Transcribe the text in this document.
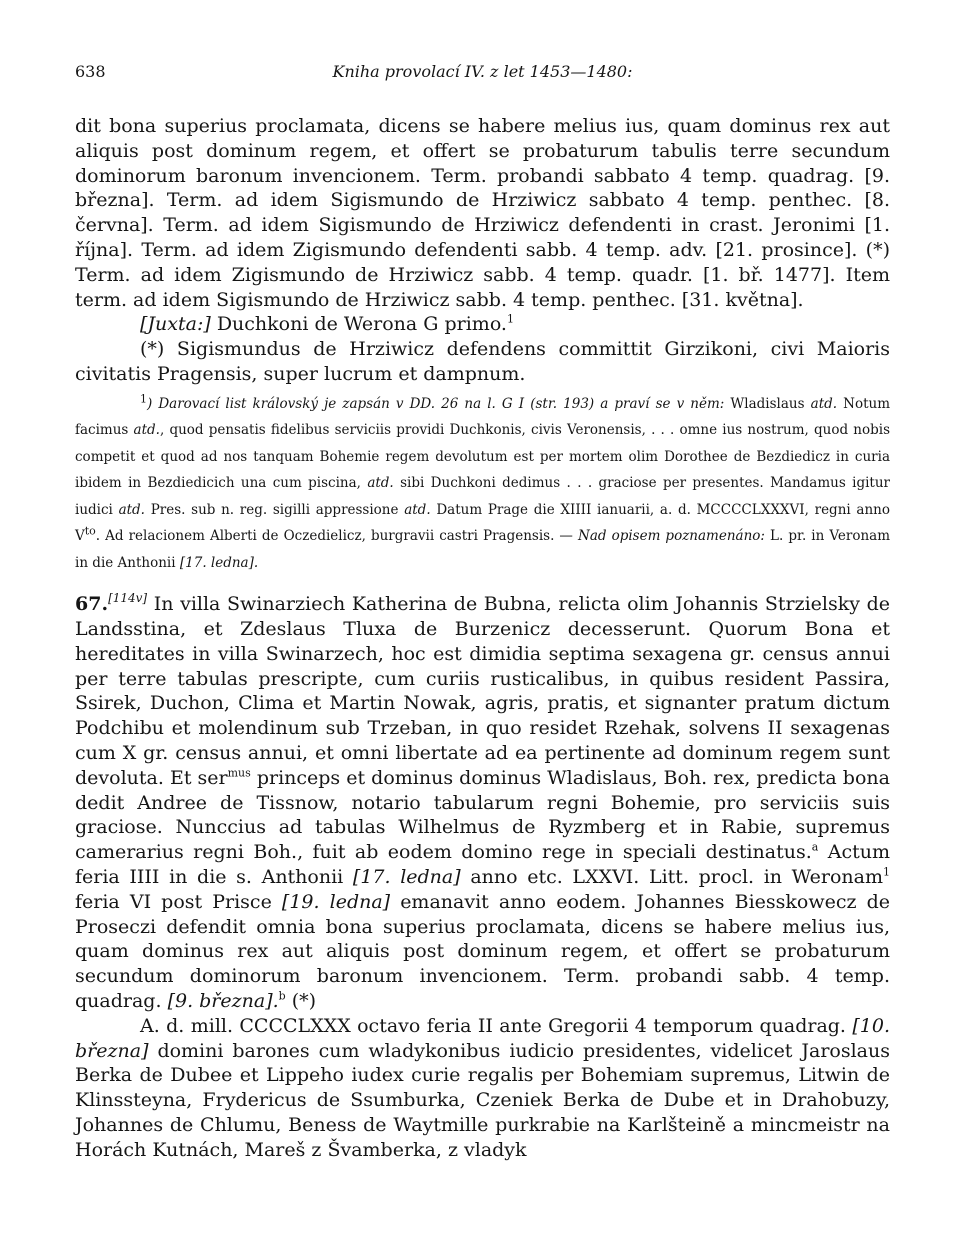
638	Kniha provolací IV. z let 1453—1480:

dit bona superius proclamata, dicens se habere melius ius, quam dominus rex aut aliquis post dominum regem, et offert se probaturum tabulis terre secundum dominorum baronum invencionem. Term. probandi sabbato 4 temp. quadrag. [9. března]. Term. ad idem Sigismundo de Hrziwicz sabbato 4 temp. penthec. [8. června]. Term. ad idem Sigismundo de Hrziwicz defendenti in crast. Jeronimi [1. října]. Term. ad idem Zigismundo defendenti sabb. 4 temp. adv. [21. prosince]. (*) Term. ad idem Zigismundo de Hrziwicz sabb. 4 temp. quadr. [1. bř. 1477]. Item term. ad idem Sigismundo de Hrziwicz sabb. 4 temp. penthec. [31. května].

[Juxta:] Duchkoni de Werona G primo.$^1$

(*) Sigismundus de Hrziwicz defendens committit Girzikoni, civi Maioris civitatis Pragensis, super lucrum et dampnum.

$^1$) Darovací list královský je zapsán v DD. 26 na l. G I (str. 193) a praví se v něm: Wladislaus atd. Notum facimus atd., quod pensatis fidelibus serviciis providi Duchkonis, civis Veronensis, . . . omne ius nostrum, quod nobis competit et quod ad nos tanquam Bohemie regem devolutum est per mortem olim Dorothee de Bezdiedicz in curia ibidem in Bezdiedicich una cum piscina, atd. sibi Duchkoni dedimus . . . graciose per presentes. Mandamus igitur iudici atd. Pres. sub n. reg. sigilli appressione atd. Datum Prage die XIIII ianuarii, a. d. MCCCCLXXXVI, regni anno $V^{to}$. Ad relacionem Alberti de Oczedielicz, burgravii castri Pragensis. — Nad opisem poznamenáno: L. pr. in Veronam in die Anthonii [17. ledna].

67.[114v] In villa Swinarziech Katherina de Bubna, relicta olim Johannis Strzielsky de Landsstina, et Zdeslaus Tluxa de Burzenicz decesserunt. Quorum Bona et hereditates in villa Swinarzech, hoc est dimidia septima sexagena gr. census annui per terre tabulas prescripte, cum curiis rusticalibus, in quibus resident Passira, Ssirek, Duchon, Clima et Martin Nowak, agris, pratis, et signanter pratum dictum Podchibu et molendinum sub Trzeban, in quo residet Rzehak, solvens II sexagenas cum X gr. census annui, et omni libertate ad ea pertinente ad dominum regem sunt devoluta. Et ser$^{mus}$ princeps et dominus dominus Wladislaus, Boh. rex, predicta bona dedit Andree de Tissnow, notario tabularum regni Bohemie, pro serviciis suis graciose. Nunccius ad tabulas Wilhelmus de Ryzmberg et in Rabie, supremus camerarius regni Boh., fuit ab eodem domino rege in speciali destinatus.$^a$ Actum feria IIII in die s. Anthonii [17. ledna] anno etc. LXXVI. Litt. procl. in Weronam$^1$ feria VI post Prisce [19. ledna] emanavit anno eodem. Johannes Biesskowecz de Proseczi defendit omnia bona superius proclamata, dicens se habere melius ius, quam dominus rex aut aliquis post dominum regem, et offert se probaturum secundum dominorum baronum invencionem. Term. probandi sabb. 4 temp. quadrag. [9. března].$^b$ (*)

A. d. mill. CCCCLXXX octavo feria II ante Gregorii 4 temporum quadrag. [10. března] domini barones cum wladykonibus iudicio presidentes, videlicet Jaroslaus Berka de Dubee et Lippeho iudex curie regalis per Bohemiam supremus, Litwin de Klinssteyna, Frydericus de Ssumburka, Czeniek Berka de Dube et in Drahobuzy, Johannes de Chlumu, Beness de Waytmille purkrabie na Karlšteině a mincmeistr na Horách Kutnách, Mareš z Švamberka, z vladyk
